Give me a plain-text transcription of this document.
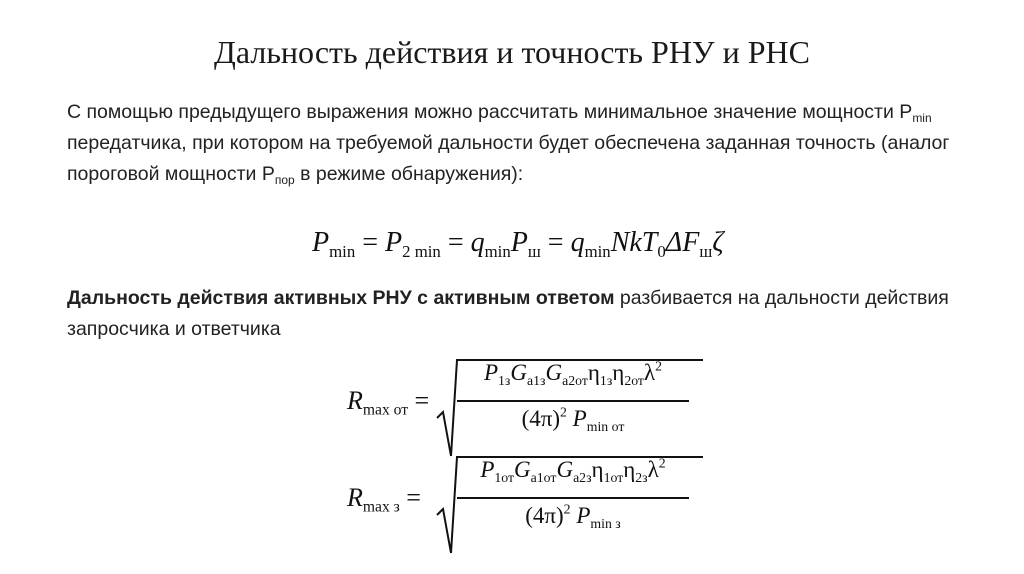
Дальность действия и точность РНУ и РНС
С помощью предыдущего выражения можно рассчитать минимальное значение мощности $P_{min}$ передатчика, при котором на требуемой дальности будет обеспечена заданная точность (аналог пороговой мощности $P_{пор}$ в режиме обнаружения):
$P_{min} = P_{2 min} = q_{min}P_ш = q_{min}NkT_0\Delta F_ш\zeta$
Дальность действия активных РНУ с активным ответом разбивается на дальности действия запросчика и ответчика
$R_{max от}$ =
$P_{1з}G_{a1з}G_{a2от}\eta_{1з}\eta_{2от}\lambda^2$
$(4\pi)^2$ $P_{min от}$
$R_{max з}$ =
$P_{1от}G_{a1от}G_{a2з}\eta_{1от}\eta_{2з}\lambda^2$
$(4\pi)^2$ $P_{min з}$
